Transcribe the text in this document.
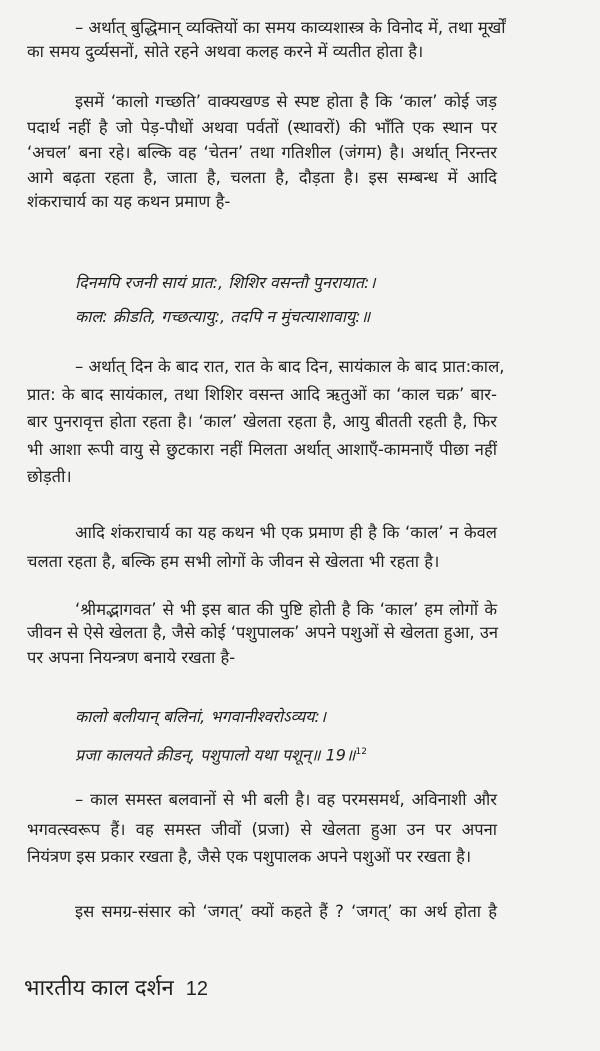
– अर्थात् बुद्धिमान् व्यक्तियों का समय काव्यशास्त्र के विनोद में, तथा मूर्खों
का समय दुर्व्यसनों, सोते रहने अथवा कलह करने में व्यतीत होता है।
इसमें ‘कालो गच्छति’ वाक्यखण्ड से स्पष्ट होता है कि ‘काल’ कोई जड़
पदार्थ नहीं है जो पेड़-पौधों अथवा पर्वतों (स्थावरों) की भाँति एक स्थान पर
‘अचल’ बना रहे। बल्कि वह ‘चेतन’ तथा गतिशील (जंगम) है। अर्थात् निरन्तर
आगे बढ़ता रहता है, जाता है, चलता है, दौड़ता है। इस सम्बन्ध में आदि
शंकराचार्य का यह कथन प्रमाण है-
दिनमपि रजनी सायं प्रात:, शिशिर वसन्तौ पुनरायात:।
काल: क्रीडति, गच्छत्यायु:, तदपि न मुंचत्याशावायु:॥
– अर्थात् दिन के बाद रात, रात के बाद दिन, सायंकाल के बाद प्रात:काल,
प्रात: के बाद सायंकाल, तथा शिशिर वसन्त आदि ऋतुओं का ‘काल चक्र’ बार-
बार पुनरावृत्त होता रहता है। ‘काल’ खेलता रहता है, आयु बीतती रहती है, फिर
भी आशा रूपी वायु से छुटकारा नहीं मिलता अर्थात् आशाएँ-कामनाएँ पीछा नहीं
छोड़ती।
आदि शंकराचार्य का यह कथन भी एक प्रमाण ही है कि ‘काल’ न केवल
चलता रहता है, बल्कि हम सभी लोगों के जीवन से खेलता भी रहता है।
‘श्रीमद्भागवत’ से भी इस बात की पुष्टि होती है कि ‘काल’ हम लोगों के
जीवन से ऐसे खेलता है, जैसे कोई ‘पशुपालक’ अपने पशुओं से खेलता हुआ, उन
पर अपना नियन्त्रण बनाये रखता है-
कालो बलीयान् बलिनां, भगवानीश्वरोऽव्यय:।
प्रजा कालयते क्रीडन्, पशुपालो यथा पशून्॥ 19॥$^{12}$
– काल समस्त बलवानों से भी बली है। वह परमसमर्थ, अविनाशी और
भगवत्स्वरूप हैं। वह समस्त जीवों (प्रजा) से खेलता हुआ उन पर अपना
नियंत्रण इस प्रकार रखता है, जैसे एक पशुपालक अपने पशुओं पर रखता है।
इस समग्र-संसार को ‘जगत्’ क्यों कहते हैं ? ‘जगत्’ का अर्थ होता है
भारतीय काल दर्शन 12
